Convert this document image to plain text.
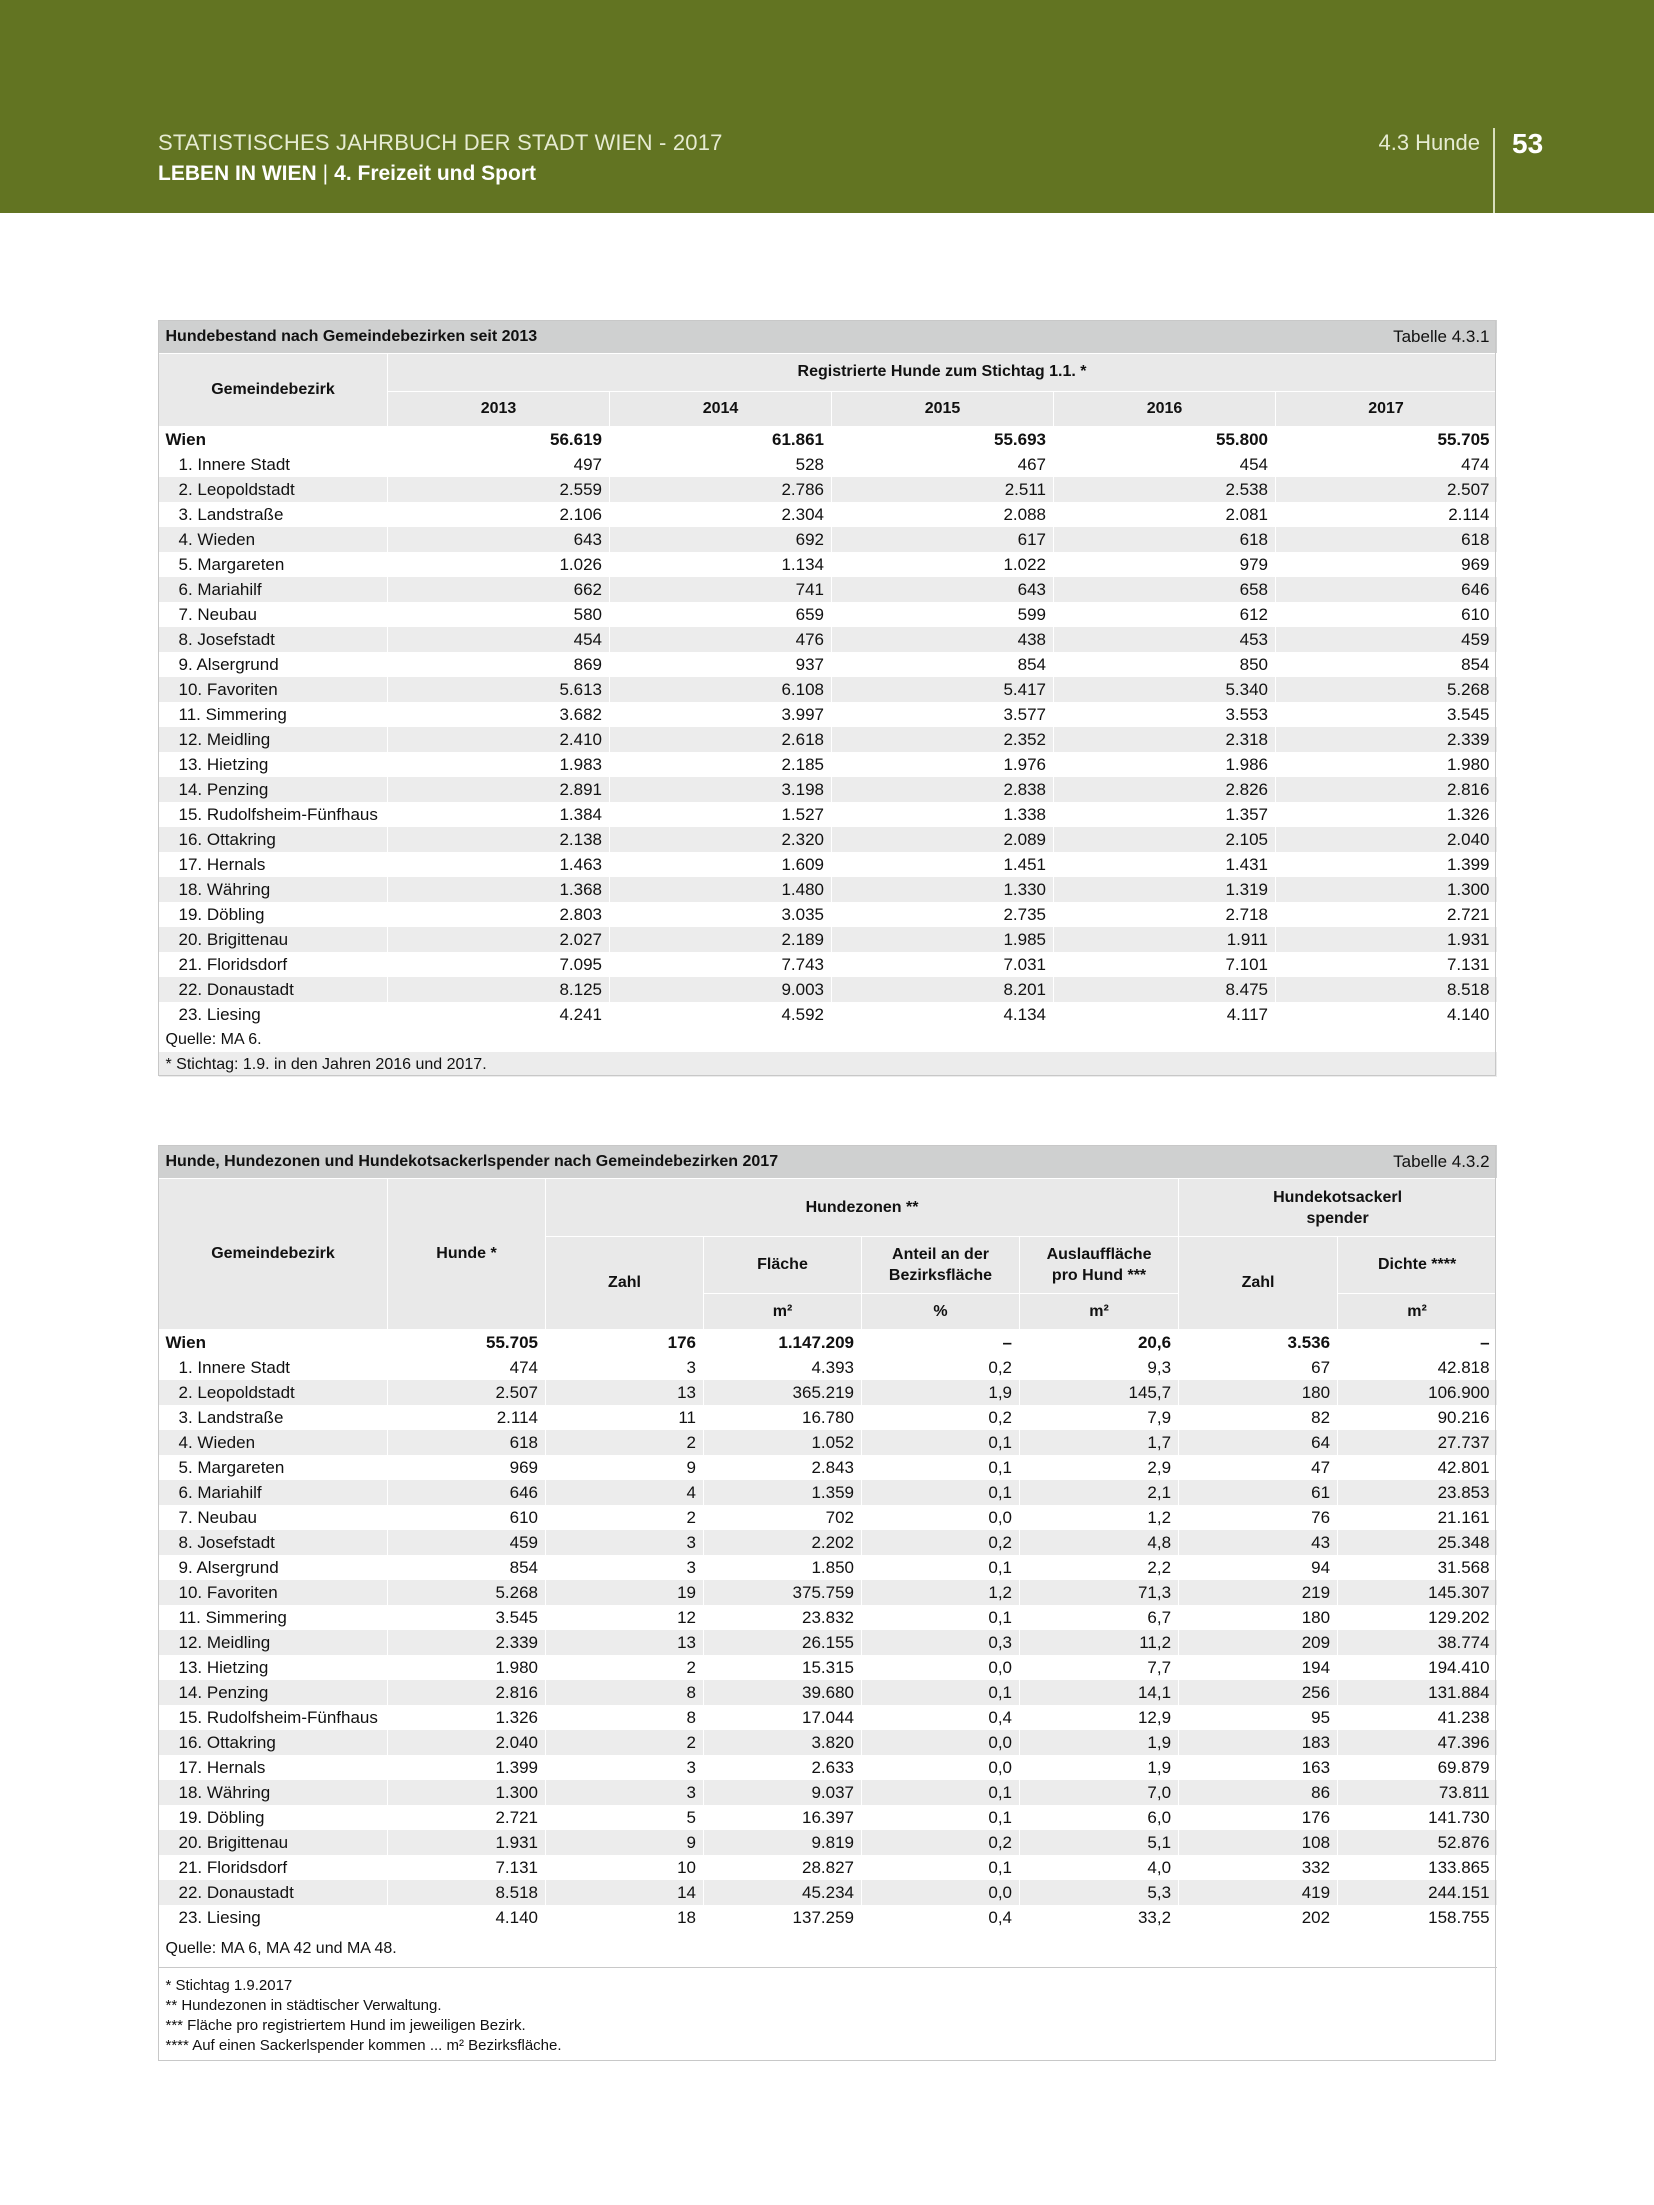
STATISTISCHES JAHRBUCH DER STADT WIEN - 2017
LEBEN IN WIEN | 4. Freizeit und Sport
4.3 Hunde 53
Hundebestand nach Gemeindebezirken seit 2013				Tabelle 4.3.1	
Gemeindebezirk	Registrierte Hunde zum Stichtag 1.1. *				
	2013	2014	2015	2016	2017
Wien	56.619	61.861	55.693	55.800	55.705
1. Innere Stadt	497	528	467	454	474
2. Leopoldstadt	2.559	2.786	2.511	2.538	2.507
3. Landstraße	2.106	2.304	2.088	2.081	2.114
4. Wieden	643	692	617	618	618
5. Margareten	1.026	1.134	1.022	979	969
6. Mariahilf	662	741	643	658	646
7. Neubau	580	659	599	612	610
8. Josefstadt	454	476	438	453	459
9. Alsergrund	869	937	854	850	854
10. Favoriten	5.613	6.108	5.417	5.340	5.268
11. Simmering	3.682	3.997	3.577	3.553	3.545
12. Meidling	2.410	2.618	2.352	2.318	2.339
13. Hietzing	1.983	2.185	1.976	1.986	1.980
14. Penzing	2.891	3.198	2.838	2.826	2.816
15. Rudolfsheim-Fünfhaus	1.384	1.527	1.338	1.357	1.326
16. Ottakring	2.138	2.320	2.089	2.105	2.040
17. Hernals	1.463	1.609	1.451	1.431	1.399
18. Währing	1.368	1.480	1.330	1.319	1.300
19. Döbling	2.803	3.035	2.735	2.718	2.721
20. Brigittenau	2.027	2.189	1.985	1.911	1.931
21. Floridsdorf	7.095	7.743	7.031	7.101	7.131
22. Donaustadt	8.125	9.003	8.201	8.475	8.518
23. Liesing	4.241	4.592	4.134	4.117	4.140
Quelle: MA 6.					
* Stichtag: 1.9. in den Jahren 2016 und 2017.					
Hunde, Hundezonen und Hundekotsackerlspender nach Gemeindebezirken 2017						Tabelle 4.3.2	
Gemeindebezirk	Hunde *	Hundezonen **				Hundekotsackerl spender	

		Zahl	Fläche	Anteil an der Bezirksfläche	Auslauffläche pro Hund ***	Zahl	Dichte ****
			m²	%	m²		m²
Wien	55.705	176	1.147.209	–	20,6	3.536	–
1. Innere Stadt	474	3	4.393	0,2	9,3	67	42.818
2. Leopoldstadt	2.507	13	365.219	1,9	145,7	180	106.900
3. Landstraße	2.114	11	16.780	0,2	7,9	82	90.216
4. Wieden	618	2	1.052	0,1	1,7	64	27.737
5. Margareten	969	9	2.843	0,1	2,9	47	42.801
6. Mariahilf	646	4	1.359	0,1	2,1	61	23.853
7. Neubau	610	2	702	0,0	1,2	76	21.161
8. Josefstadt	459	3	2.202	0,2	4,8	43	25.348
9. Alsergrund	854	3	1.850	0,1	2,2	94	31.568
10. Favoriten	5.268	19	375.759	1,2	71,3	219	145.307
11. Simmering	3.545	12	23.832	0,1	6,7	180	129.202
12. Meidling	2.339	13	26.155	0,3	11,2	209	38.774
13. Hietzing	1.980	2	15.315	0,0	7,7	194	194.410
14. Penzing	2.816	8	39.680	0,1	14,1	256	131.884
15. Rudolfsheim-Fünfhaus	1.326	8	17.044	0,4	12,9	95	41.238
16. Ottakring	2.040	2	3.820	0,0	1,9	183	47.396
17. Hernals	1.399	3	2.633	0,0	1,9	163	69.879
18. Währing	1.300	3	9.037	0,1	7,0	86	73.811
19. Döbling	2.721	5	16.397	0,1	6,0	176	141.730
20. Brigittenau	1.931	9	9.819	0,2	5,1	108	52.876
21. Floridsdorf	7.131	10	28.827	0,1	4,0	332	133.865
22. Donaustadt	8.518	14	45.234	0,0	5,3	419	244.151
23. Liesing	4.140	18	137.259	0,4	33,2	202	158.755
Quelle: MA 6, MA 42 und MA 48.							

* Stichtag 1.9.2017
** Hundezonen in städtischer Verwaltung.
*** Fläche pro registriertem Hund im jeweiligen Bezirk.
**** Auf einen Sackerlspender kommen ... m² Bezirksfläche.							
